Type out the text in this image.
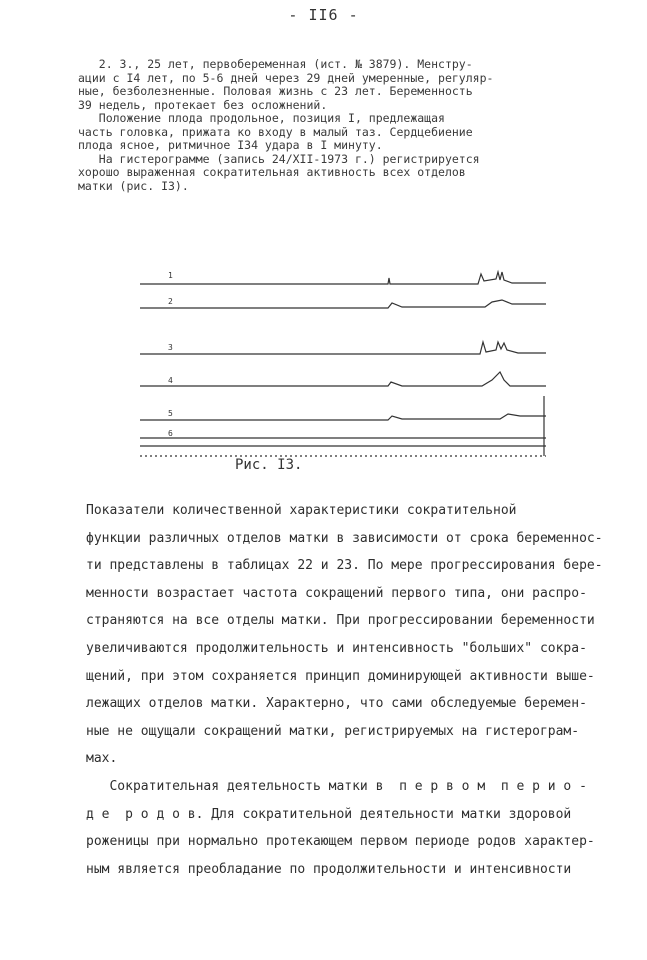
- II6 -

2. 3., 25 лет, первобеременная (ист. № 3879). Менстру-

ации с I4 лет, по 5-6 дней через 29 дней умеренные, регуляр-

ные, безболезненные. Половая жизнь с 23 лет. Беременность

39 недель, протекает без осложнений.

Положение плода продольное, позиция I, предлежащая

часть головка, прижата ко входу в малый таз. Сердцебиение

плода ясное, ритмичное I34 удара в I минуту.

На гистерограмме (запись 24/XII-1973 г.) регистрируется

хорошо выраженная сократительная активность всех отделов

матки (рис. I3).

1
2
3
4
5
6
Рис. I3.

Показатели количественной характеристики сократительной

функции различных отделов матки в зависимости от срока беременнос-

ти представлены в таблицах 22 и 23. По мере прогрессирования бере-

менности возрастает частота сокращений первого типа, они распро-

страняются на все отделы матки. При прогрессировании беременности

увеличиваются продолжительность и интенсивность "больших" сокра-

щений, при этом сохраняется принцип доминирующей активности выше-

лежащих отделов матки. Характерно, что сами обследуемые беремен-

ные не ощущали сокращений матки, регистрируемых на гистерограм-

мах.

Сократительная деятельность матки в  п е р в о м  п е р и о -

д е  р о д о в. Для сократительной деятельности матки здоровой

роженицы при нормально протекающем первом периоде родов характер-

ным является преобладание по продолжительности и интенсивности
